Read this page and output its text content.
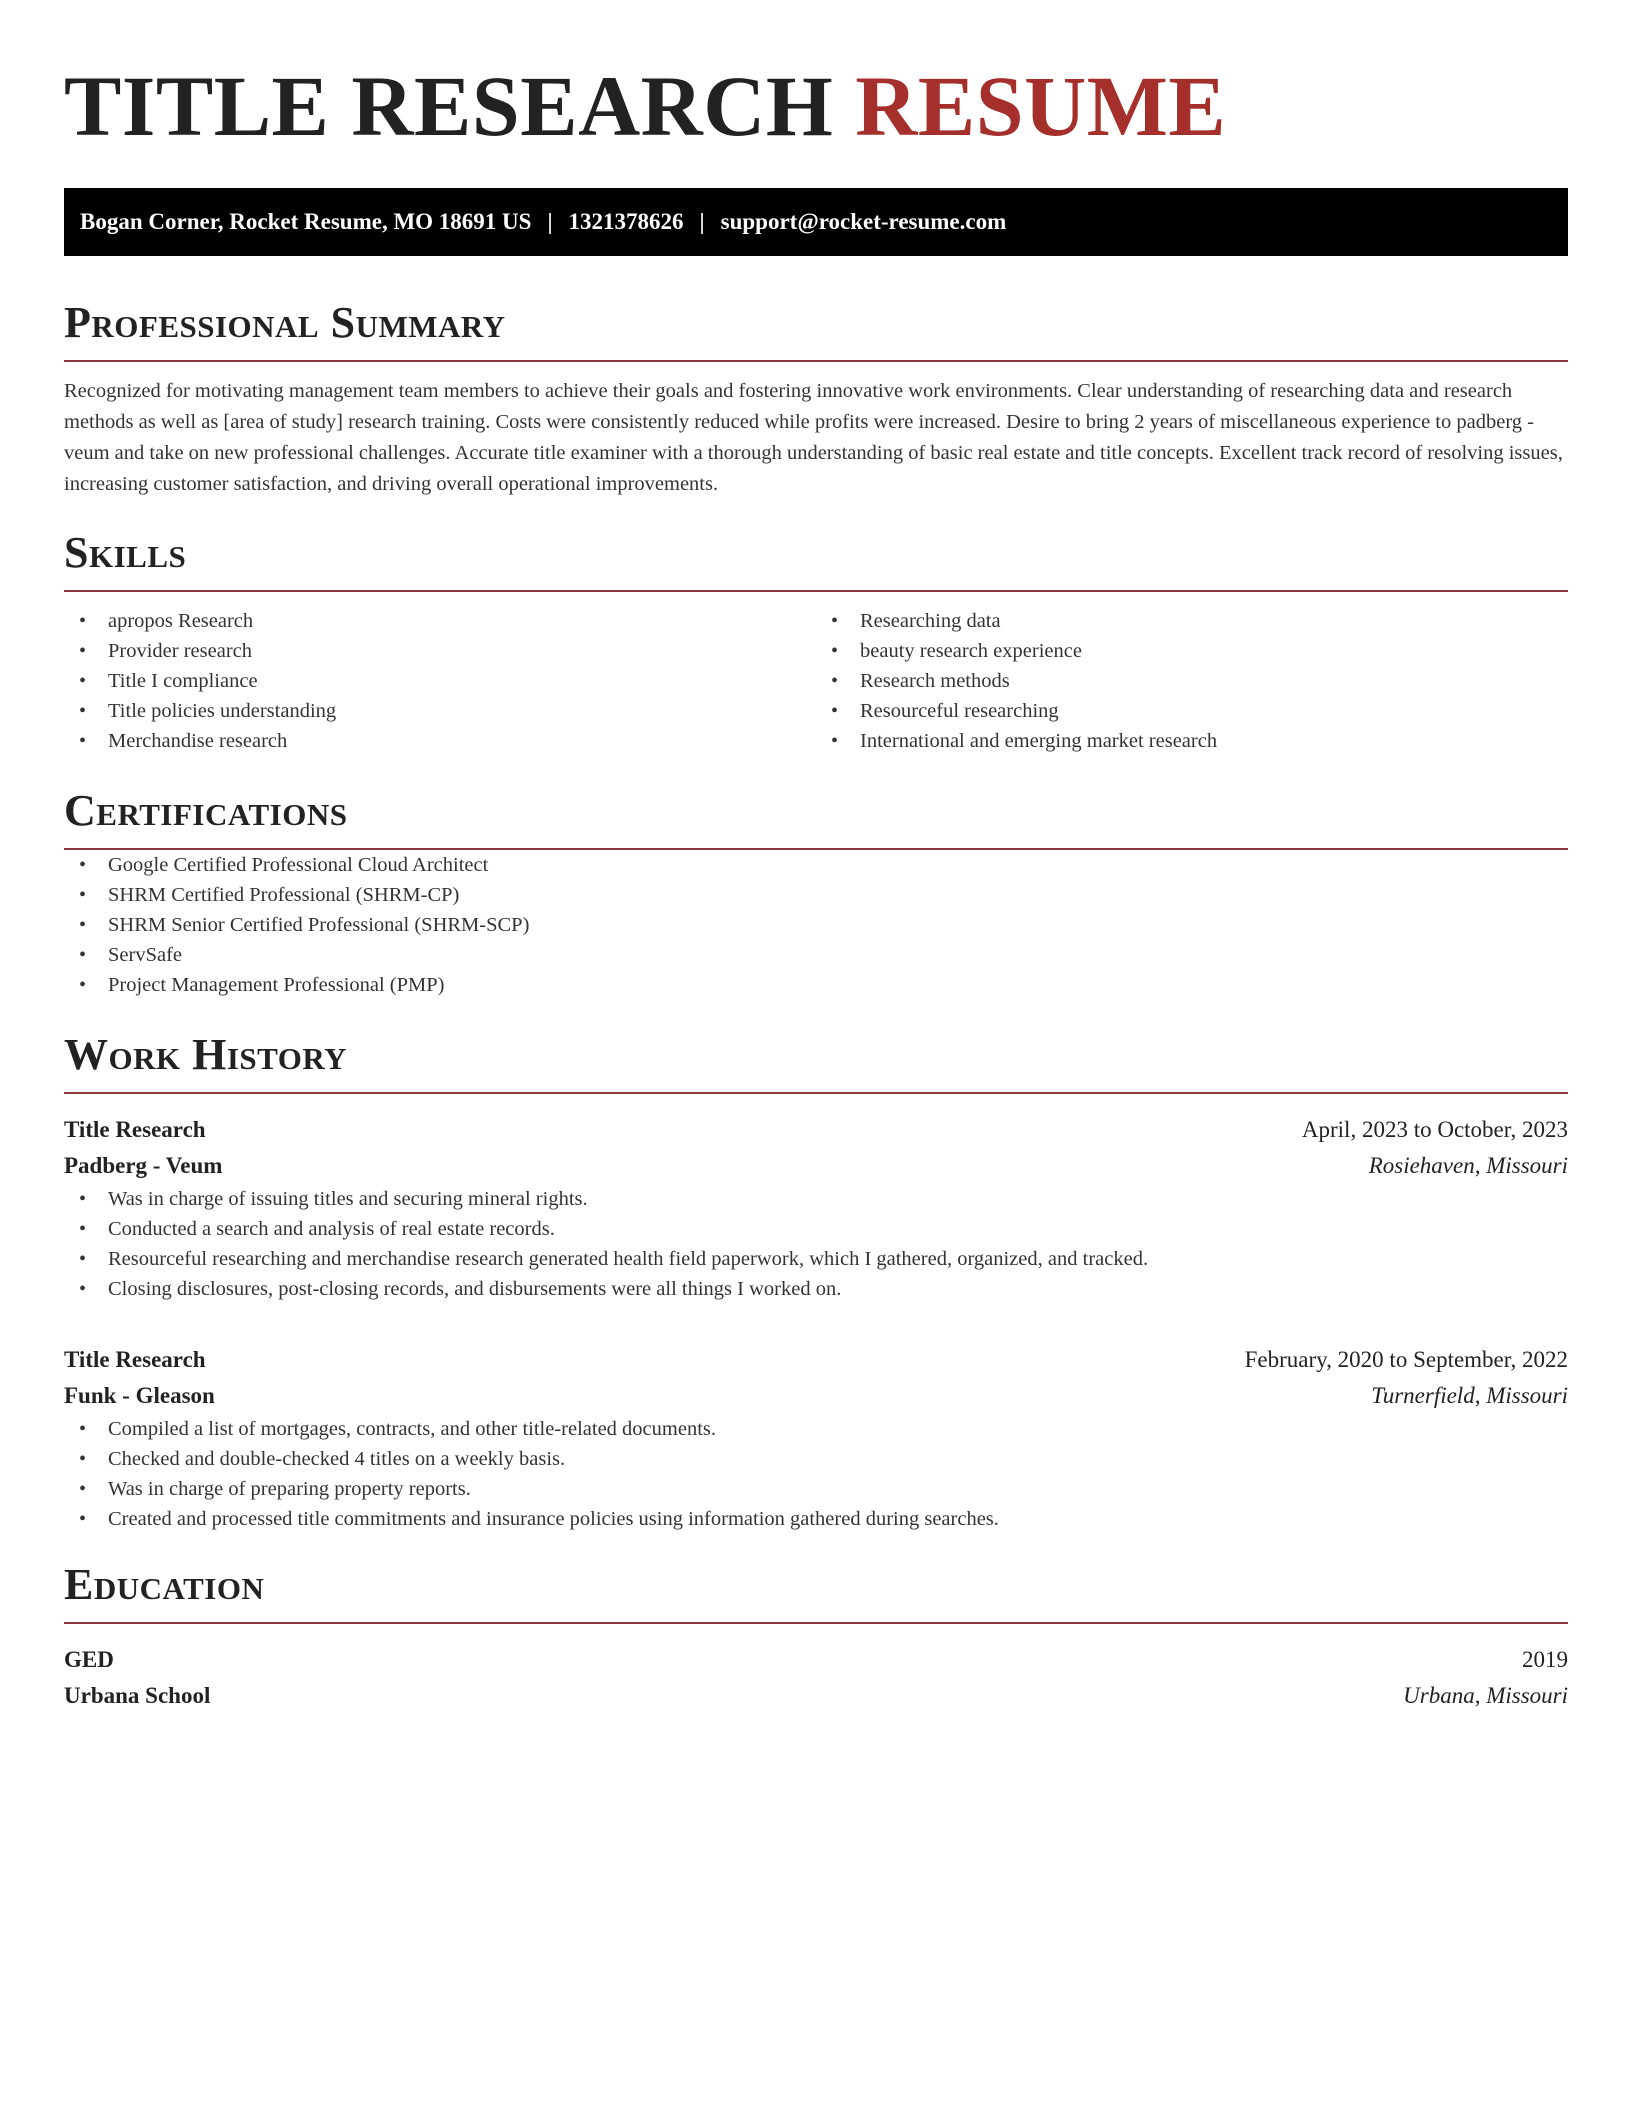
TITLE RESEARCH RESUME
Bogan Corner, Rocket Resume, MO 18691 US | 1321378626 | support@rocket-resume.com
Professional Summary

Recognized for motivating management team members to achieve their goals and fostering innovative work environments. Clear understanding of researching data and research methods as well as [area of study] research training. Costs were consistently reduced while profits were increased. Desire to bring 2 years of miscellaneous experience to padberg - veum and take on new professional challenges. Accurate title examiner with a thorough understanding of basic real estate and title concepts. Excellent track record of resolving issues, increasing customer satisfaction, and driving overall operational improvements.

Skills
• apropos Research
• Provider research
• Title I compliance
• Title policies understanding
• Merchandise research
• Researching data
• beauty research experience
• Research methods
• Resourceful researching
• International and emerging market research
Certifications
• Google Certified Professional Cloud Architect
• SHRM Certified Professional (SHRM-CP)
• SHRM Senior Certified Professional (SHRM-SCP)
• ServSafe
• Project Management Professional (PMP)
Work History
Title Research	April, 2023 to October, 2023
Padberg - Veum	Rosiehaven, Missouri
• Was in charge of issuing titles and securing mineral rights.
• Conducted a search and analysis of real estate records.
• Resourceful researching and merchandise research generated health field paperwork, which I gathered, organized, and tracked.
• Closing disclosures, post-closing records, and disbursements were all things I worked on.
Title Research	February, 2020 to September, 2022
Funk - Gleason	Turnerfield, Missouri
• Compiled a list of mortgages, contracts, and other title-related documents.
• Checked and double-checked 4 titles on a weekly basis.
• Was in charge of preparing property reports.
• Created and processed title commitments and insurance policies using information gathered during searches.
Education
GED	2019
Urbana School	Urbana, Missouri
